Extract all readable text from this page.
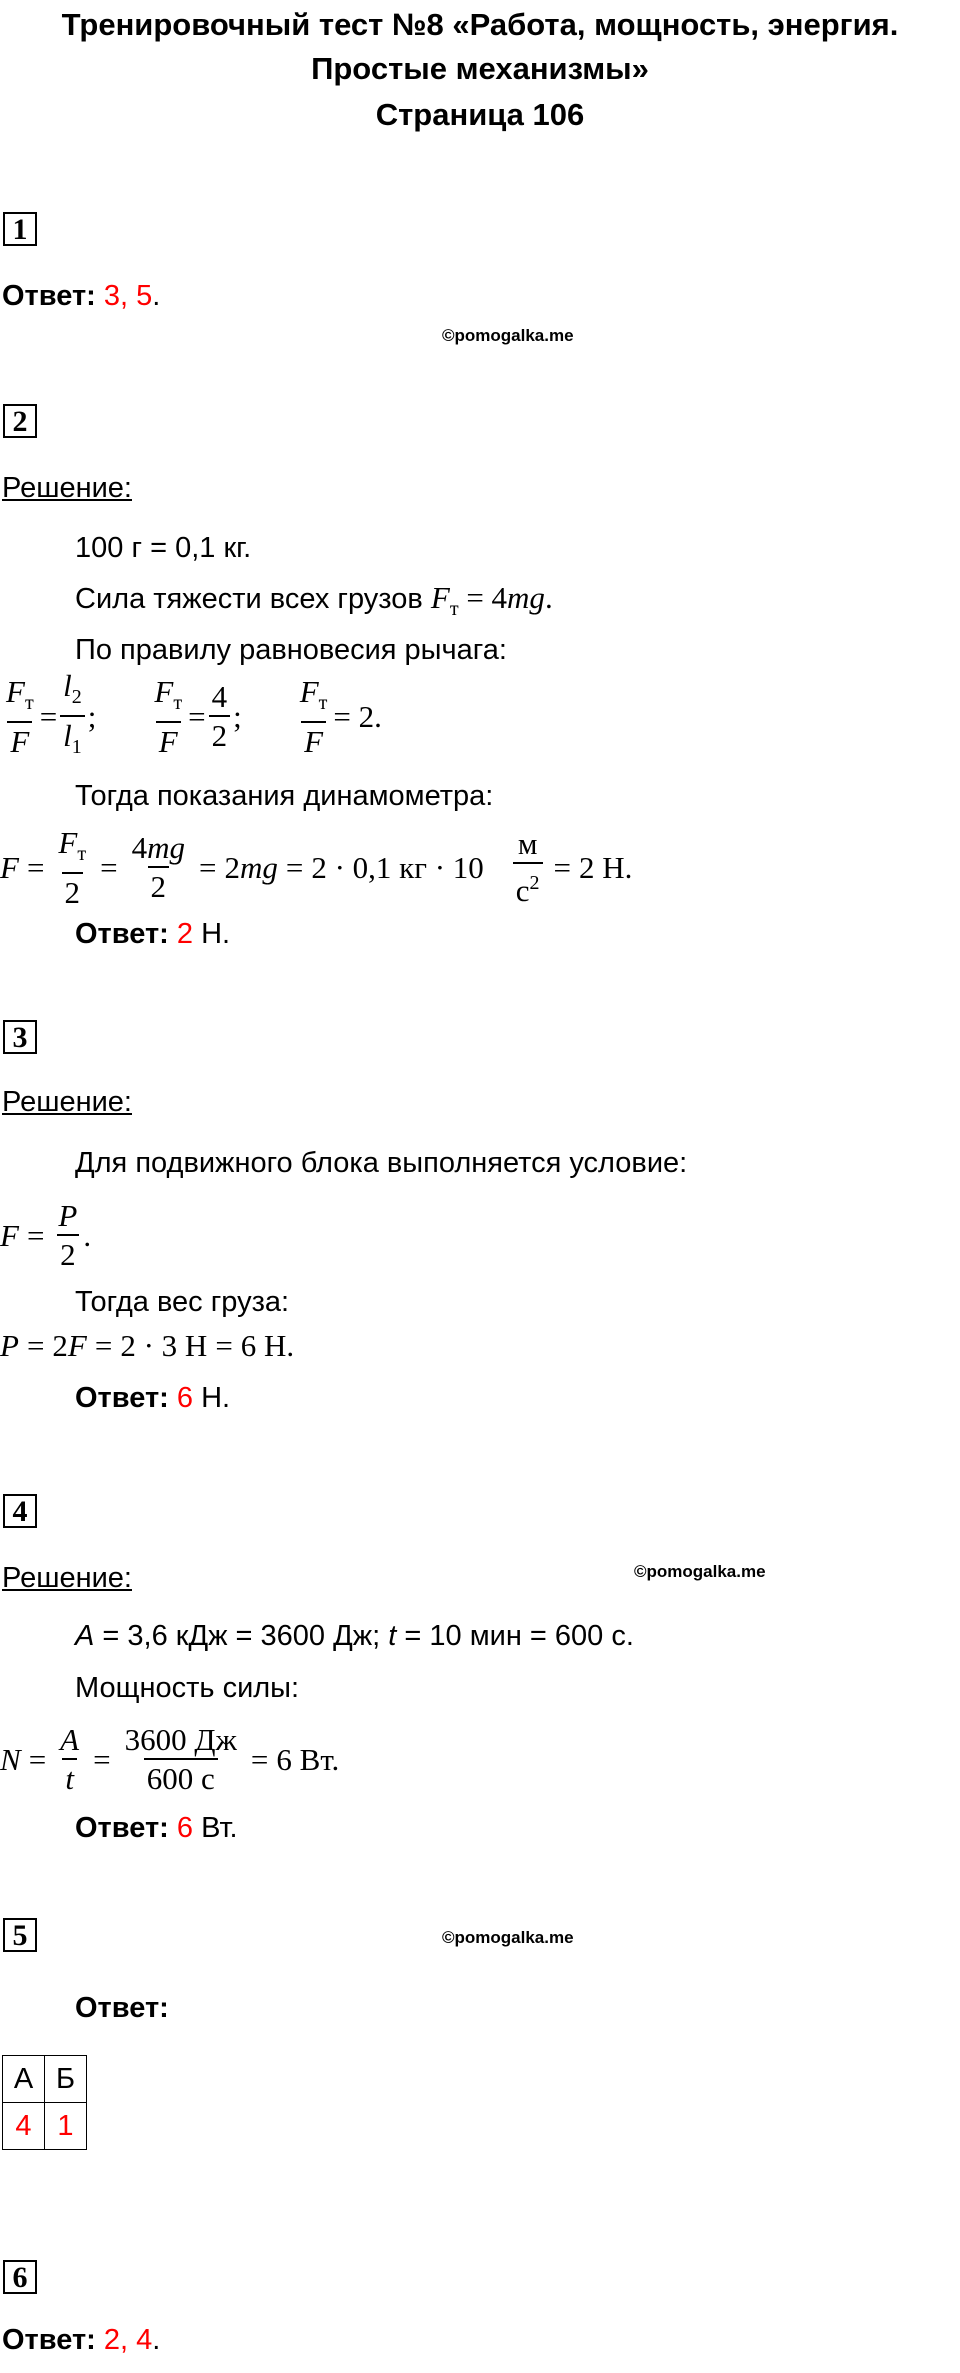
Тренировочный тест №8 «Работа, мощность, энергия.
Простые механизмы»
Страница 106
1
Ответ: 3, 5.
©pomogalka.me
2
Решение:
100 г = 0,1 кг.
Сила тяжести всех грузов $F_т = 4mg$.
По правилу равновесия рычага:
$\frac{F_т}{F} = \frac{l_2}{l_1}$ ; $\frac{F_т}{F} = \frac{4}{2}$ ; $\frac{F_т}{F} = 2$.
Тогда показания динамометра:
$F = \frac{F_т}{2} = \frac{4mg}{2} = 2mg = 2 \cdot 0,1$ кг · $10 \frac{м}{с^2} = 2$ Н.
Ответ: 2 Н.
3
Решение:
Для подвижного блока выполняется условие:
$F = \frac{P}{2}$ .
Тогда вес груза:
P = 2F = 2 · 3 Н = 6 Н.
Ответ: 6 Н.
4
Решение:	©pomogalka.me
A = 3,6 кДж = 3600 Дж; t = 10 мин = 600 с.
Мощность силы:
$N = \frac{A}{t} = \frac{3600 Дж}{600 с} = 6$ Вт.
Ответ: 6 Вт.
5	©pomogalka.me
Ответ:
А	Б
4	1
6
Ответ: 2, 4.
